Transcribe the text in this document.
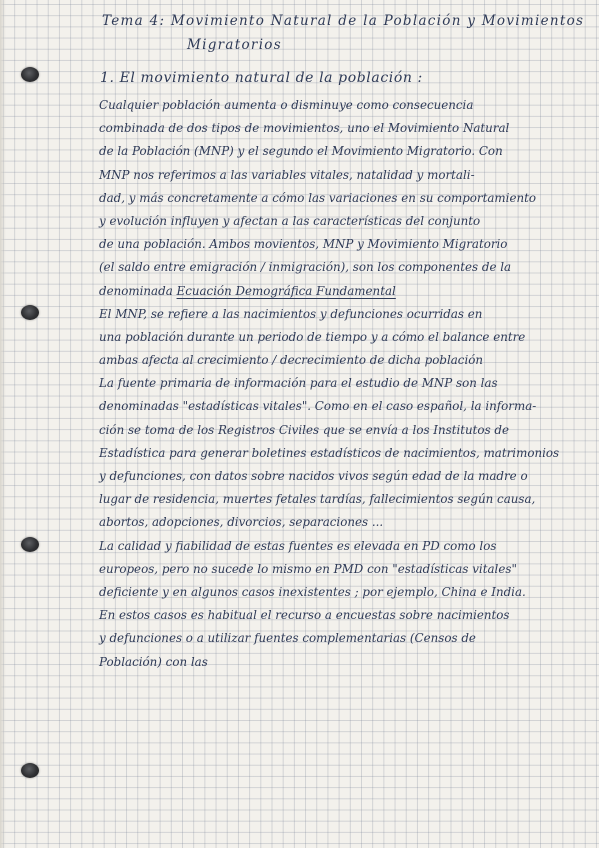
Tema 4: Movimiento Natural de la Población y Movimientos

Migratorios

1. El movimiento natural de la población :

Cualquier población aumenta o disminuye como consecuencia
combinada de dos tipos de movimientos, uno el Movimiento Natural
de la Población (MNP) y el segundo el Movimiento Migratorio. Con
MNP nos referimos a las variables vitales, natalidad y mortali-
dad, y más concretamente a cómo las variaciones en su comportamiento
y evolución influyen y afectan a las características del conjunto
de una población. Ambos movientos, MNP y Movimiento Migratorio
(el saldo entre emigración / inmigración), son los componentes de la
denominada Ecuación Demográfica Fundamental
El MNP, se refiere a las nacimientos y defunciones ocurridas en
una población durante un periodo de tiempo y a cómo el balance entre
ambas afecta al crecimiento / decrecimiento de dicha población
La fuente primaria de información para el estudio de MNP son las
denominadas "estadísticas vitales". Como en el caso español, la informa-
ción se toma de los Registros Civiles que se envía a los Institutos de
Estadística para generar boletines estadísticos de nacimientos, matrimonios
y defunciones, con datos sobre nacidos vivos según edad de la madre o
lugar de residencia, muertes fetales tardías, fallecimientos según causa,
abortos, adopciones, divorcios, separaciones ...
La calidad y fiabilidad de estas fuentes es elevada en PD como los
europeos, pero no sucede lo mismo en PMD con "estadísticas vitales"
deficiente y en algunos casos inexistentes ; por ejemplo, China e India.
En estos casos es habitual el recurso a encuestas sobre nacimientos
y defunciones o a utilizar fuentes complementarias (Censos de
Población) con las
